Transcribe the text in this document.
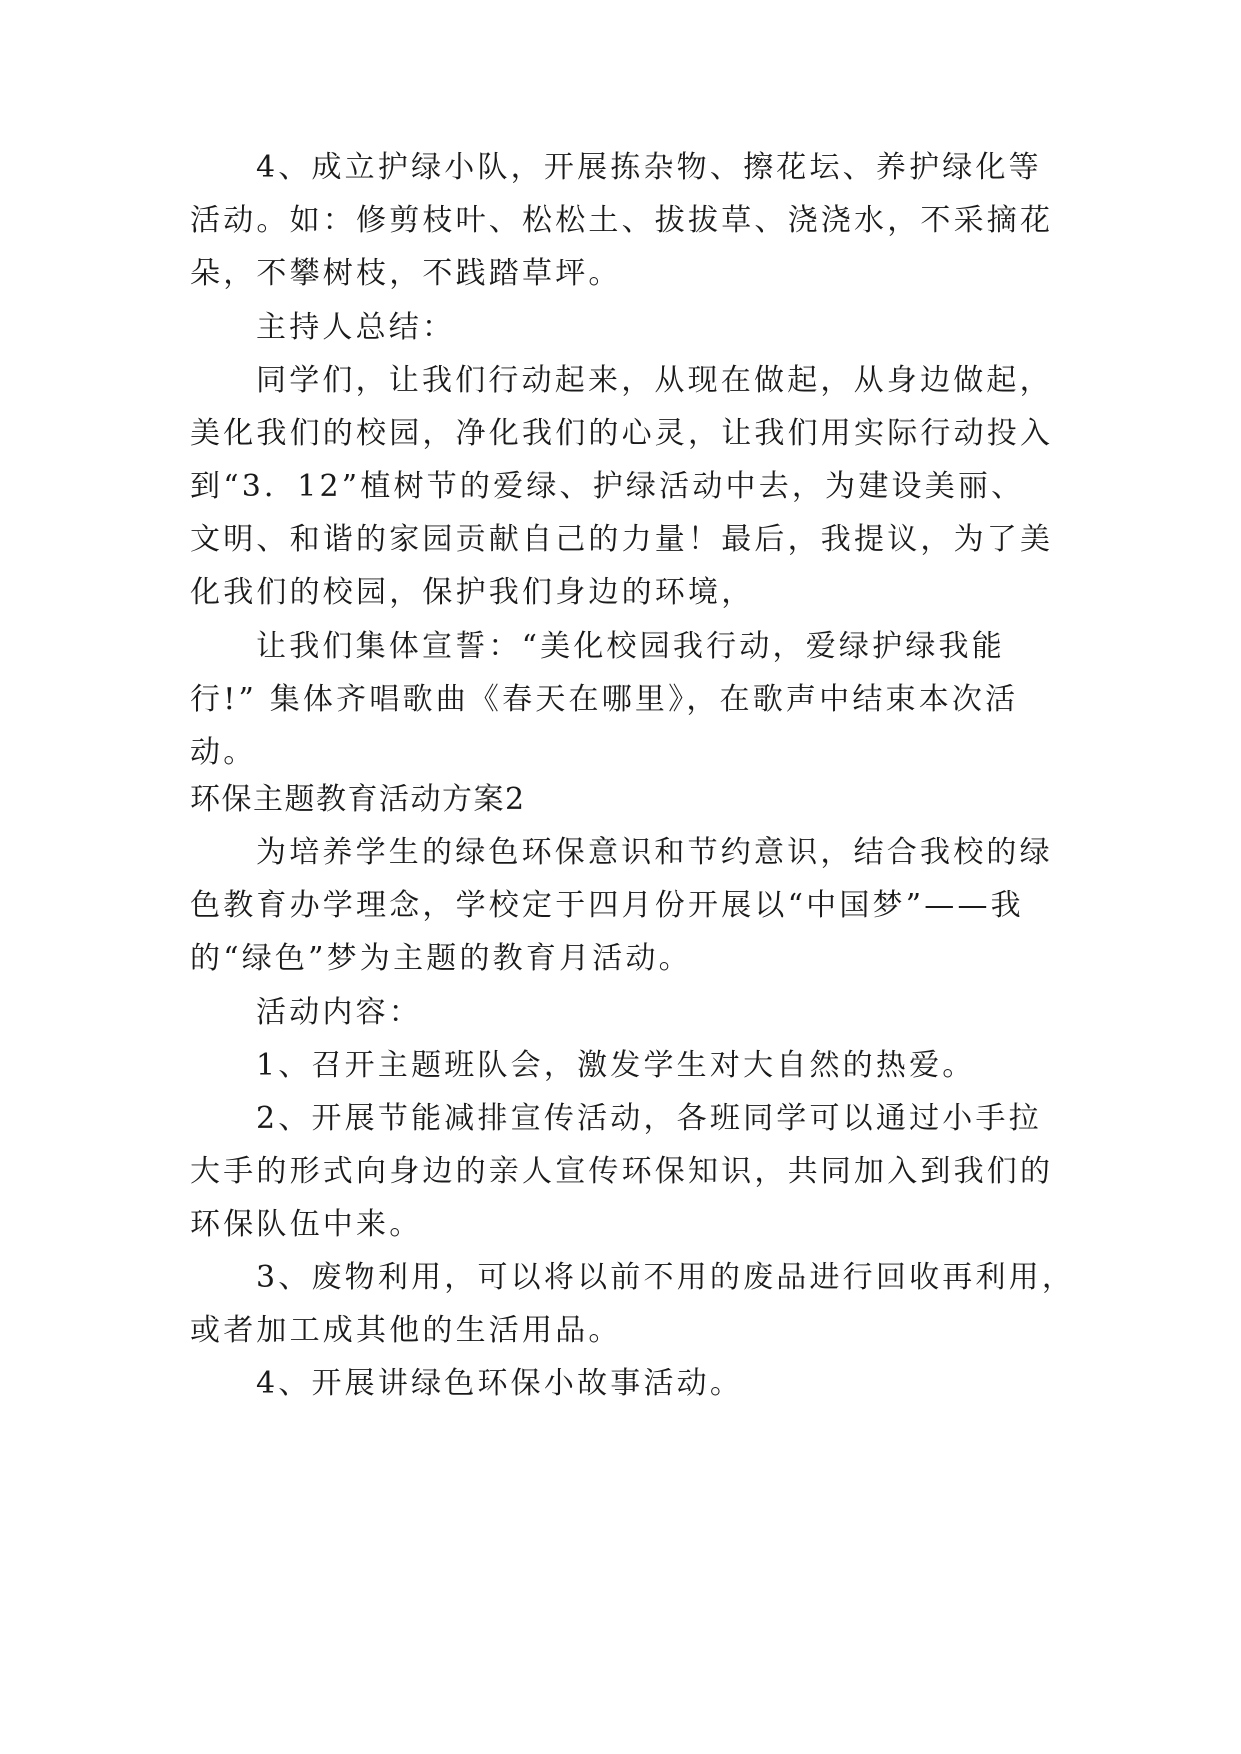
4、成立护绿小队，开展拣杂物、擦花坛、养护绿化等

活动。如：修剪枝叶、松松土、拔拔草、浇浇水，不采摘花

朵，不攀树枝，不践踏草坪。

主持人总结：

同学们，让我们行动起来，从现在做起，从身边做起，

美化我们的校园，净化我们的心灵，让我们用实际行动投入

到“3．12”植树节的爱绿、护绿活动中去，为建设美丽、

文明、和谐的家园贡献自己的力量！最后，我提议，为了美

化我们的校园，保护我们身边的环境，

让我们集体宣誓：“美化校园我行动，爱绿护绿我能

行!” 集体齐唱歌曲《春天在哪里》，在歌声中结束本次活

动。

环保主题教育活动方案2

为培养学生的绿色环保意识和节约意识，结合我校的绿

色教育办学理念，学校定于四月份开展以“中国梦”——我

的“绿色”梦为主题的教育月活动。

活动内容：

1、召开主题班队会，激发学生对大自然的热爱。

2、开展节能减排宣传活动，各班同学可以通过小手拉

大手的形式向身边的亲人宣传环保知识，共同加入到我们的

环保队伍中来。

3、废物利用，可以将以前不用的废品进行回收再利用，

或者加工成其他的生活用品。

4、开展讲绿色环保小故事活动。
